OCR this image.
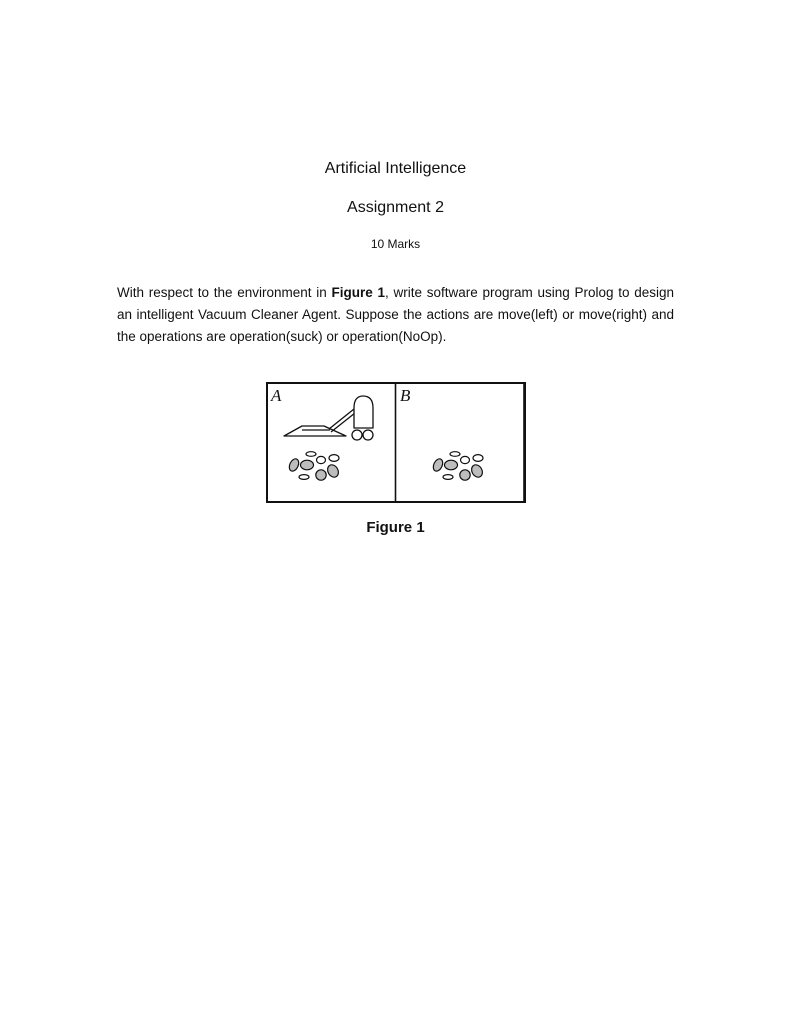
Artificial Intelligence
Assignment 2
10 Marks

With respect to the environment in Figure 1, write software program using Prolog to design an intelligent Vacuum Cleaner Agent. Suppose the actions are move(left) or move(right) and the operations are operation(suck) or operation(NoOp).

A	B
Figure 1
